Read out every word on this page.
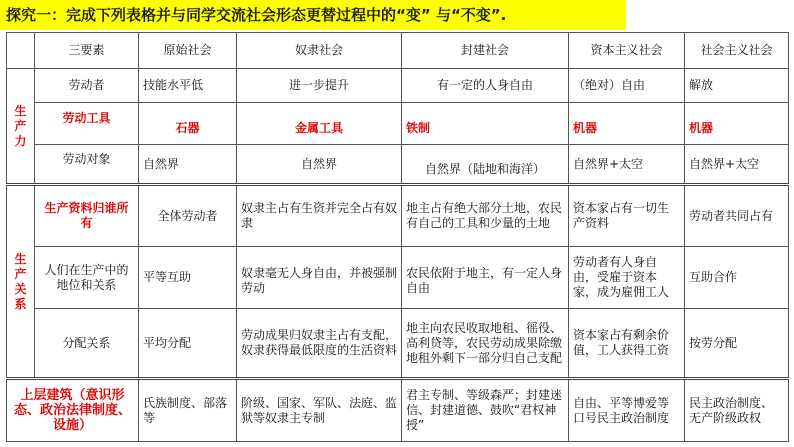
探究一：完成下列表格并与同学交流社会形态更替过程中的“变” 与“不变”.
	三要素	原始社会	奴隶社会	封建社会	资本主义社会	社会主义社会
生
产
力	劳动者	技能水平低	进一步提升	有一定的人身自由	（绝对）自由	解放

	劳动工具	石器	金属工具	铁制	机器	机器

	劳动对象	自然界	自然界	自然界（陆地和海洋）	自然界+太空	自然界+太空
生
产
关
系	生产资料归谁所有	全体劳动者	奴隶主占有生资并完全占有奴隶	地主占有绝大部分土地，农民有自己的工具和少量的土地	资本家占有一切生产资料	劳动者共同占有
	人们在生产中的地位和关系	平等互助	奴隶毫无人身自由，并被强制劳动	农民依附于地主，有一定人身自由	劳动者有人身自由，受雇于资本家，成为雇佣工人	互助合作
	分配关系	平均分配	劳动成果归奴隶主占有支配，奴隶获得最低限度的生活资料	地主向农民收取地租、徭役、高利贷等，农民劳动成果除缴地租外剩下一部分归自己支配	资本家占有剩余价值，工人获得工资	按劳分配
上层建筑（意识形态、政治法律制度、设施）		氏族制度、部落等	阶级、国家、军队、法庭、监狱等奴隶主专制	君主专制、等级森严；封建迷信、封建道德、鼓吹“君权神授”	自由、平等博爱等口号民主政治制度	民主政治制度、无产阶级政权
